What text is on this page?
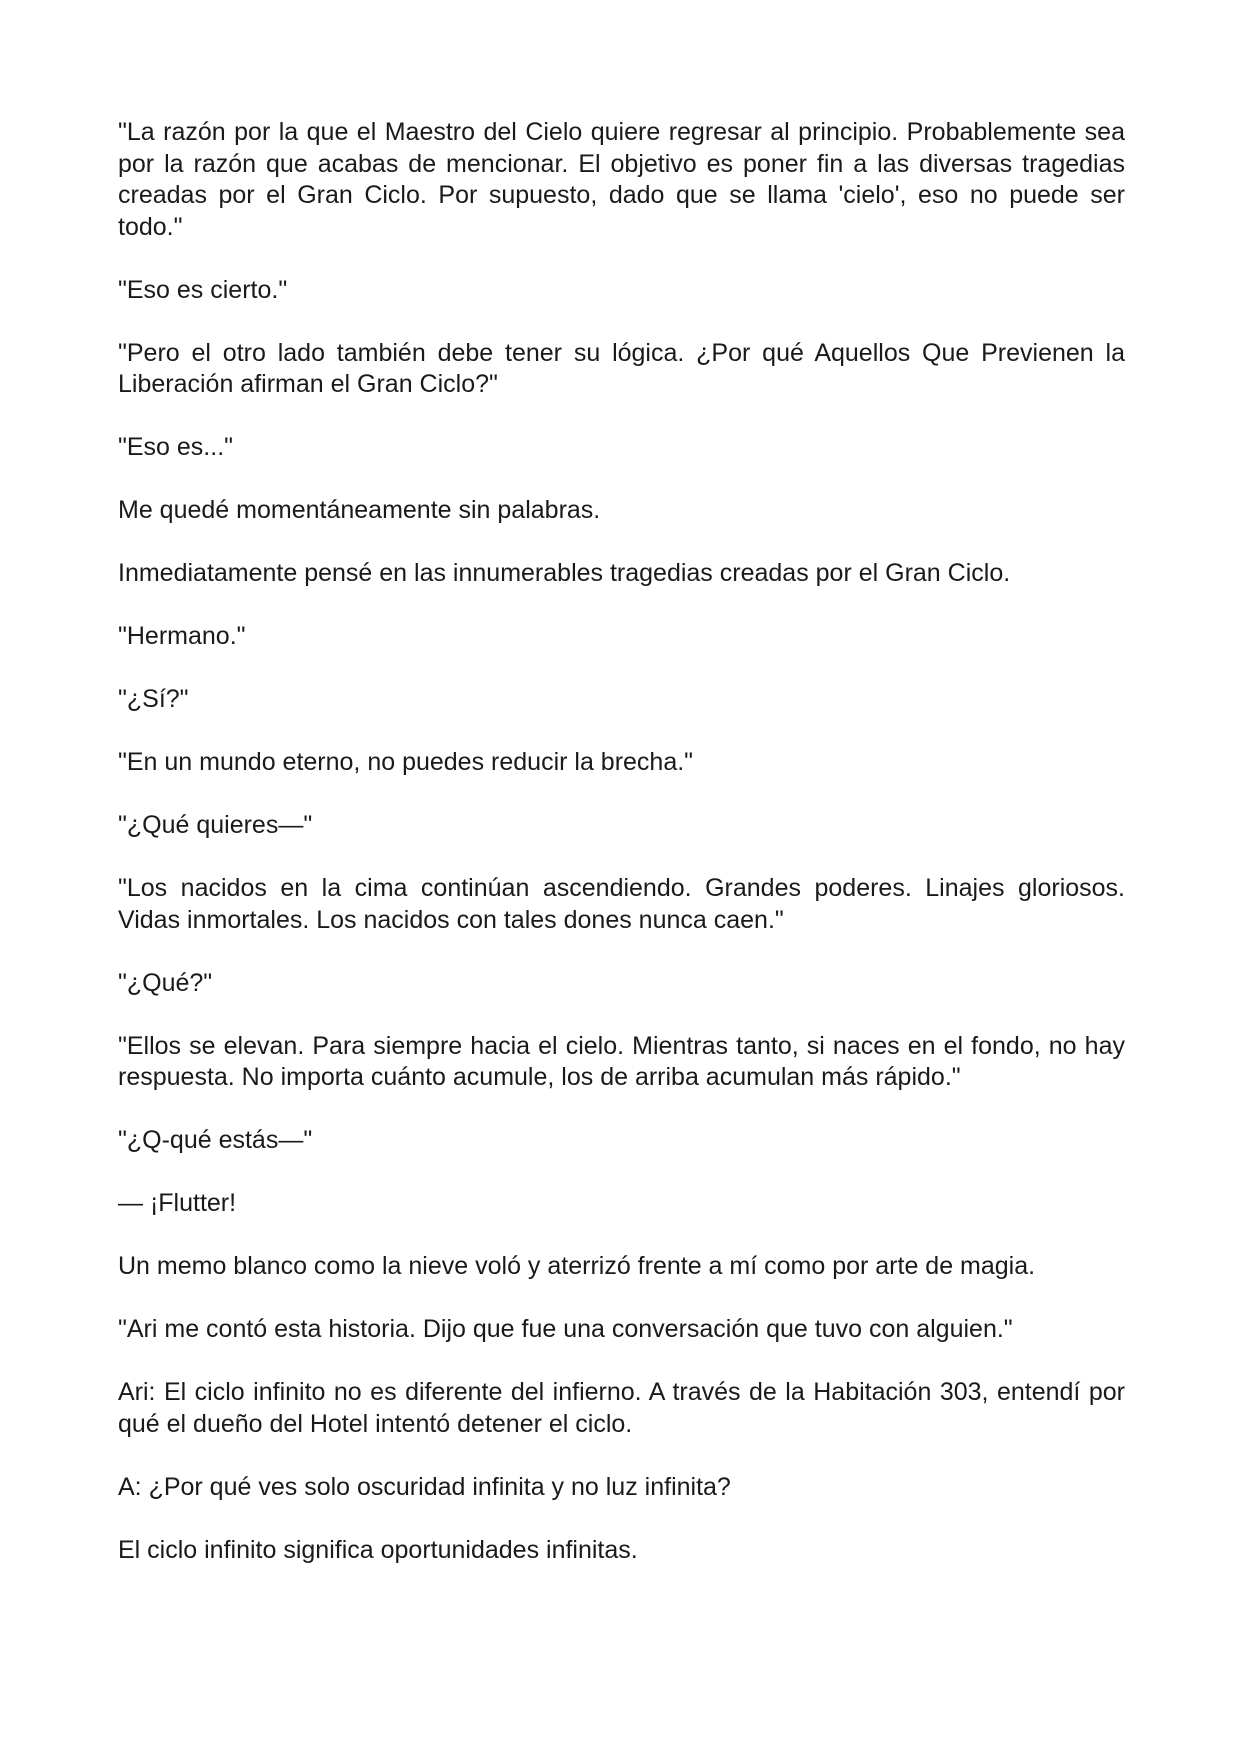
"La razón por la que el Maestro del Cielo quiere regresar al principio. Probablemente sea por la razón que acabas de mencionar. El objetivo es poner fin a las diversas tragedias creadas por el Gran Ciclo. Por supuesto, dado que se llama 'cielo', eso no puede ser todo."

"Eso es cierto."

"Pero el otro lado también debe tener su lógica. ¿Por qué Aquellos Que Previenen la Liberación afirman el Gran Ciclo?"

"Eso es..."

Me quedé momentáneamente sin palabras.

Inmediatamente pensé en las innumerables tragedias creadas por el Gran Ciclo.

"Hermano."

"¿Sí?"

"En un mundo eterno, no puedes reducir la brecha."

"¿Qué quieres—"

"Los nacidos en la cima continúan ascendiendo. Grandes poderes. Linajes gloriosos. Vidas inmortales. Los nacidos con tales dones nunca caen."

"¿Qué?"

"Ellos se elevan. Para siempre hacia el cielo. Mientras tanto, si naces en el fondo, no hay respuesta. No importa cuánto acumule, los de arriba acumulan más rápido."

"¿Q-qué estás—"

— ¡Flutter!

Un memo blanco como la nieve voló y aterrizó frente a mí como por arte de magia.

"Ari me contó esta historia. Dijo que fue una conversación que tuvo con alguien."

Ari: El ciclo infinito no es diferente del infierno. A través de la Habitación 303, entendí por qué el dueño del Hotel intentó detener el ciclo.

A: ¿Por qué ves solo oscuridad infinita y no luz infinita?

El ciclo infinito significa oportunidades infinitas.
